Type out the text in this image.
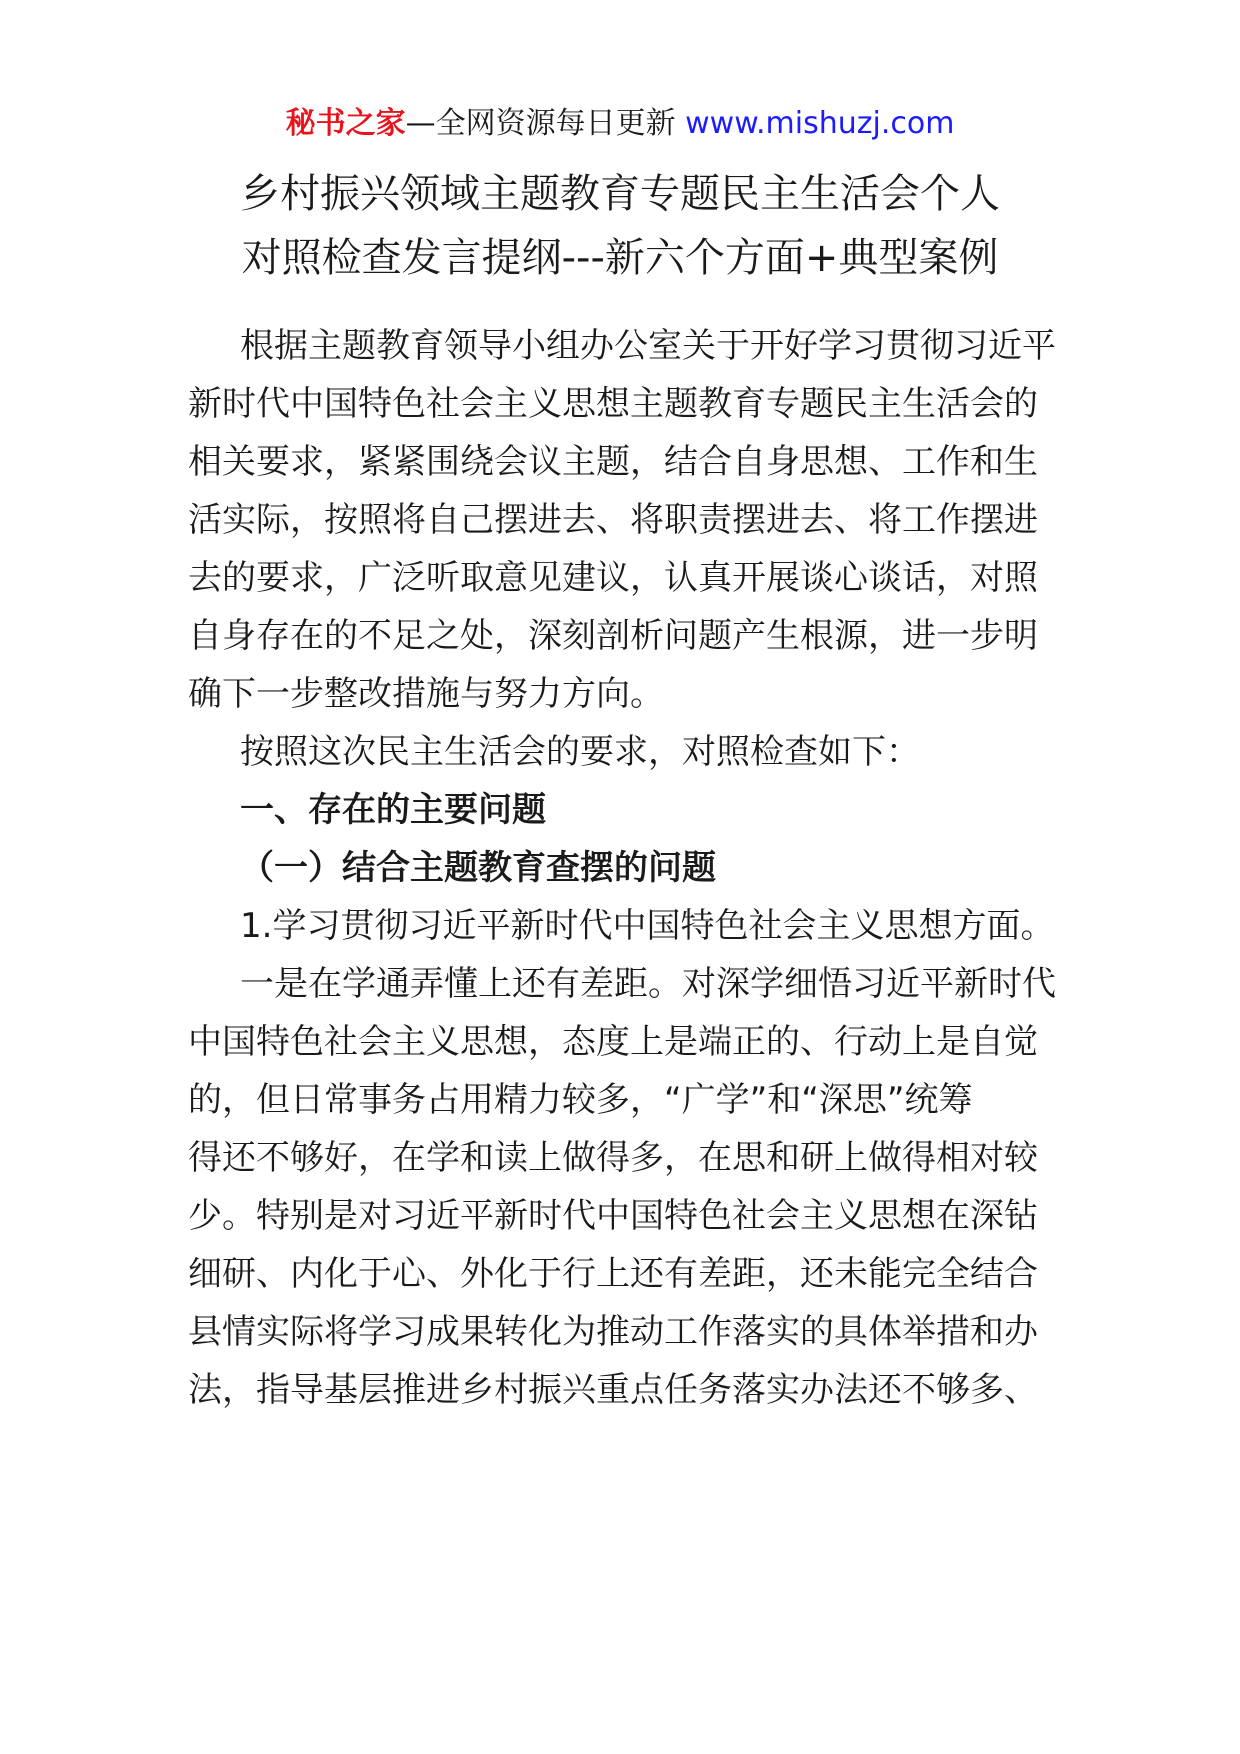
秘书之家—全网资源每日更新 www.mishuzj.com
乡村振兴领域主题教育专题民主生活会个人
对照检查发言提纲---新六个方面+典型案例
根据主题教育领导小组办公室关于开好学习贯彻习近平
新时代中国特色社会主义思想主题教育专题民主生活会的
相关要求，紧紧围绕会议主题，结合自身思想、工作和生
活实际，按照将自己摆进去、将职责摆进去、将工作摆进
去的要求，广泛听取意见建议，认真开展谈心谈话，对照
自身存在的不足之处，深刻剖析问题产生根源，进一步明
确下一步整改措施与努力方向。
按照这次民主生活会的要求，对照检查如下：
一、存在的主要问题
（一）结合主题教育查摆的问题
1.学习贯彻习近平新时代中国特色社会主义思想方面。
一是在学通弄懂上还有差距。对深学细悟习近平新时代
中国特色社会主义思想，态度上是端正的、行动上是自觉
的，但日常事务占用精力较多，“广学”和“深思”统筹
得还不够好，在学和读上做得多，在思和研上做得相对较
少。特别是对习近平新时代中国特色社会主义思想在深钻
细研、内化于心、外化于行上还有差距，还未能完全结合
县情实际将学习成果转化为推动工作落实的具体举措和办
法，指导基层推进乡村振兴重点任务落实办法还不够多、
